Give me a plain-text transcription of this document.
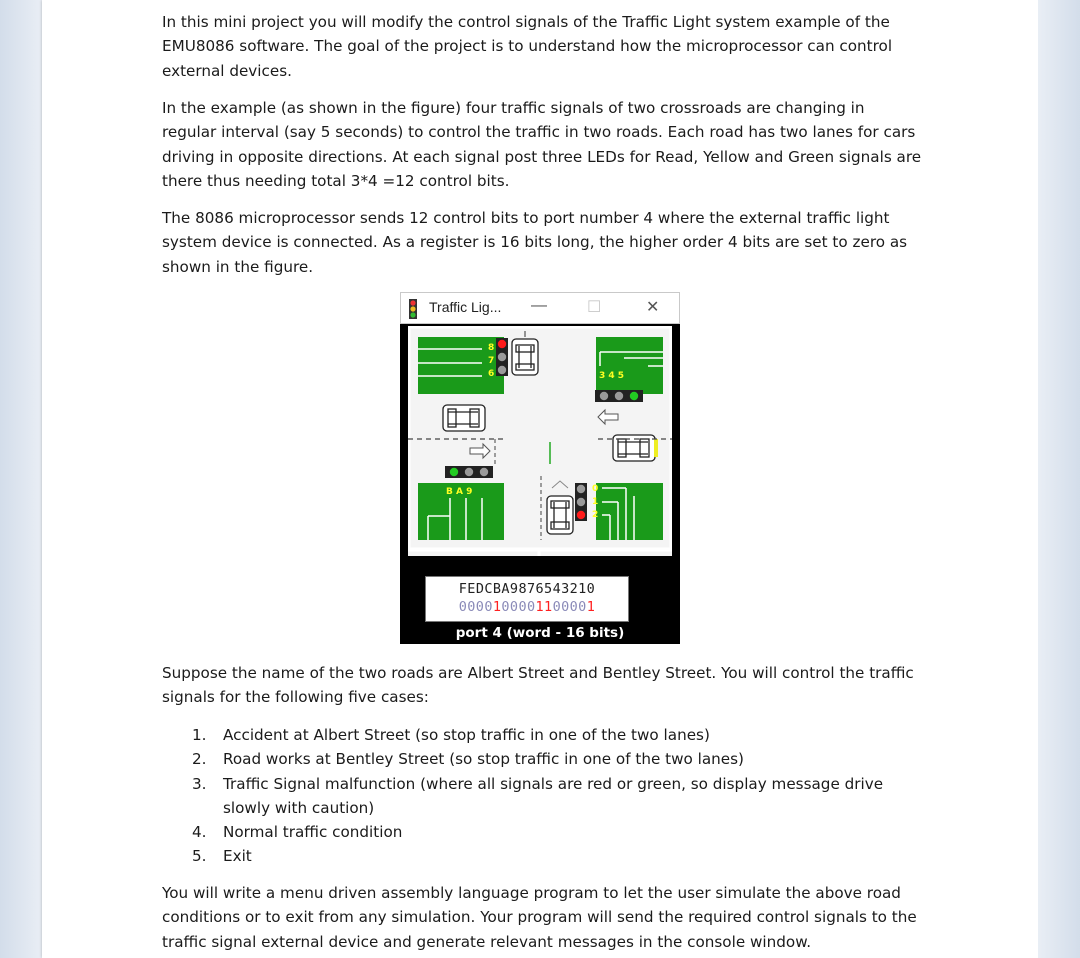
In this mini project you will modify the control signals of the Traffic Light system example of the EMU8086 software. The goal of the project is to understand how the microprocessor can control external devices.

In the example (as shown in the figure) four traffic signals of two crossroads are changing in regular interval (say 5 seconds) to control the traffic in two roads. Each road has two lanes for cars driving in opposite directions. At each signal post three LEDs for Read, Yellow and Green signals are there thus needing total 3*4 =12 control bits.

The 8086 microprocessor sends 12 control bits to port number 4 where the external traffic light system device is connected. As a register is 16 bits long, the higher order 4 bits are set to zero as shown in the figure.

Traffic Lig... —	☐	✕
8
7
6	3 4 5
B A 9	0
1
2
FEDCBA9876543210
0000100001100001
port 4 (word - 16 bits)

Suppose the name of the two roads are Albert Street and Bentley Street. You will control the traffic signals for the following five cases:

1. Accident at Albert Street (so stop traffic in one of the two lanes)
2. Road works at Bentley Street (so stop traffic in one of the two lanes)
3. Traffic Signal malfunction (where all signals are red or green, so display message drive slowly with caution)
4. Normal traffic condition
5. Exit

You will write a menu driven assembly language program to let the user simulate the above road conditions or to exit from any simulation. Your program will send the required control signals to the traffic signal external device and generate relevant messages in the console window.
